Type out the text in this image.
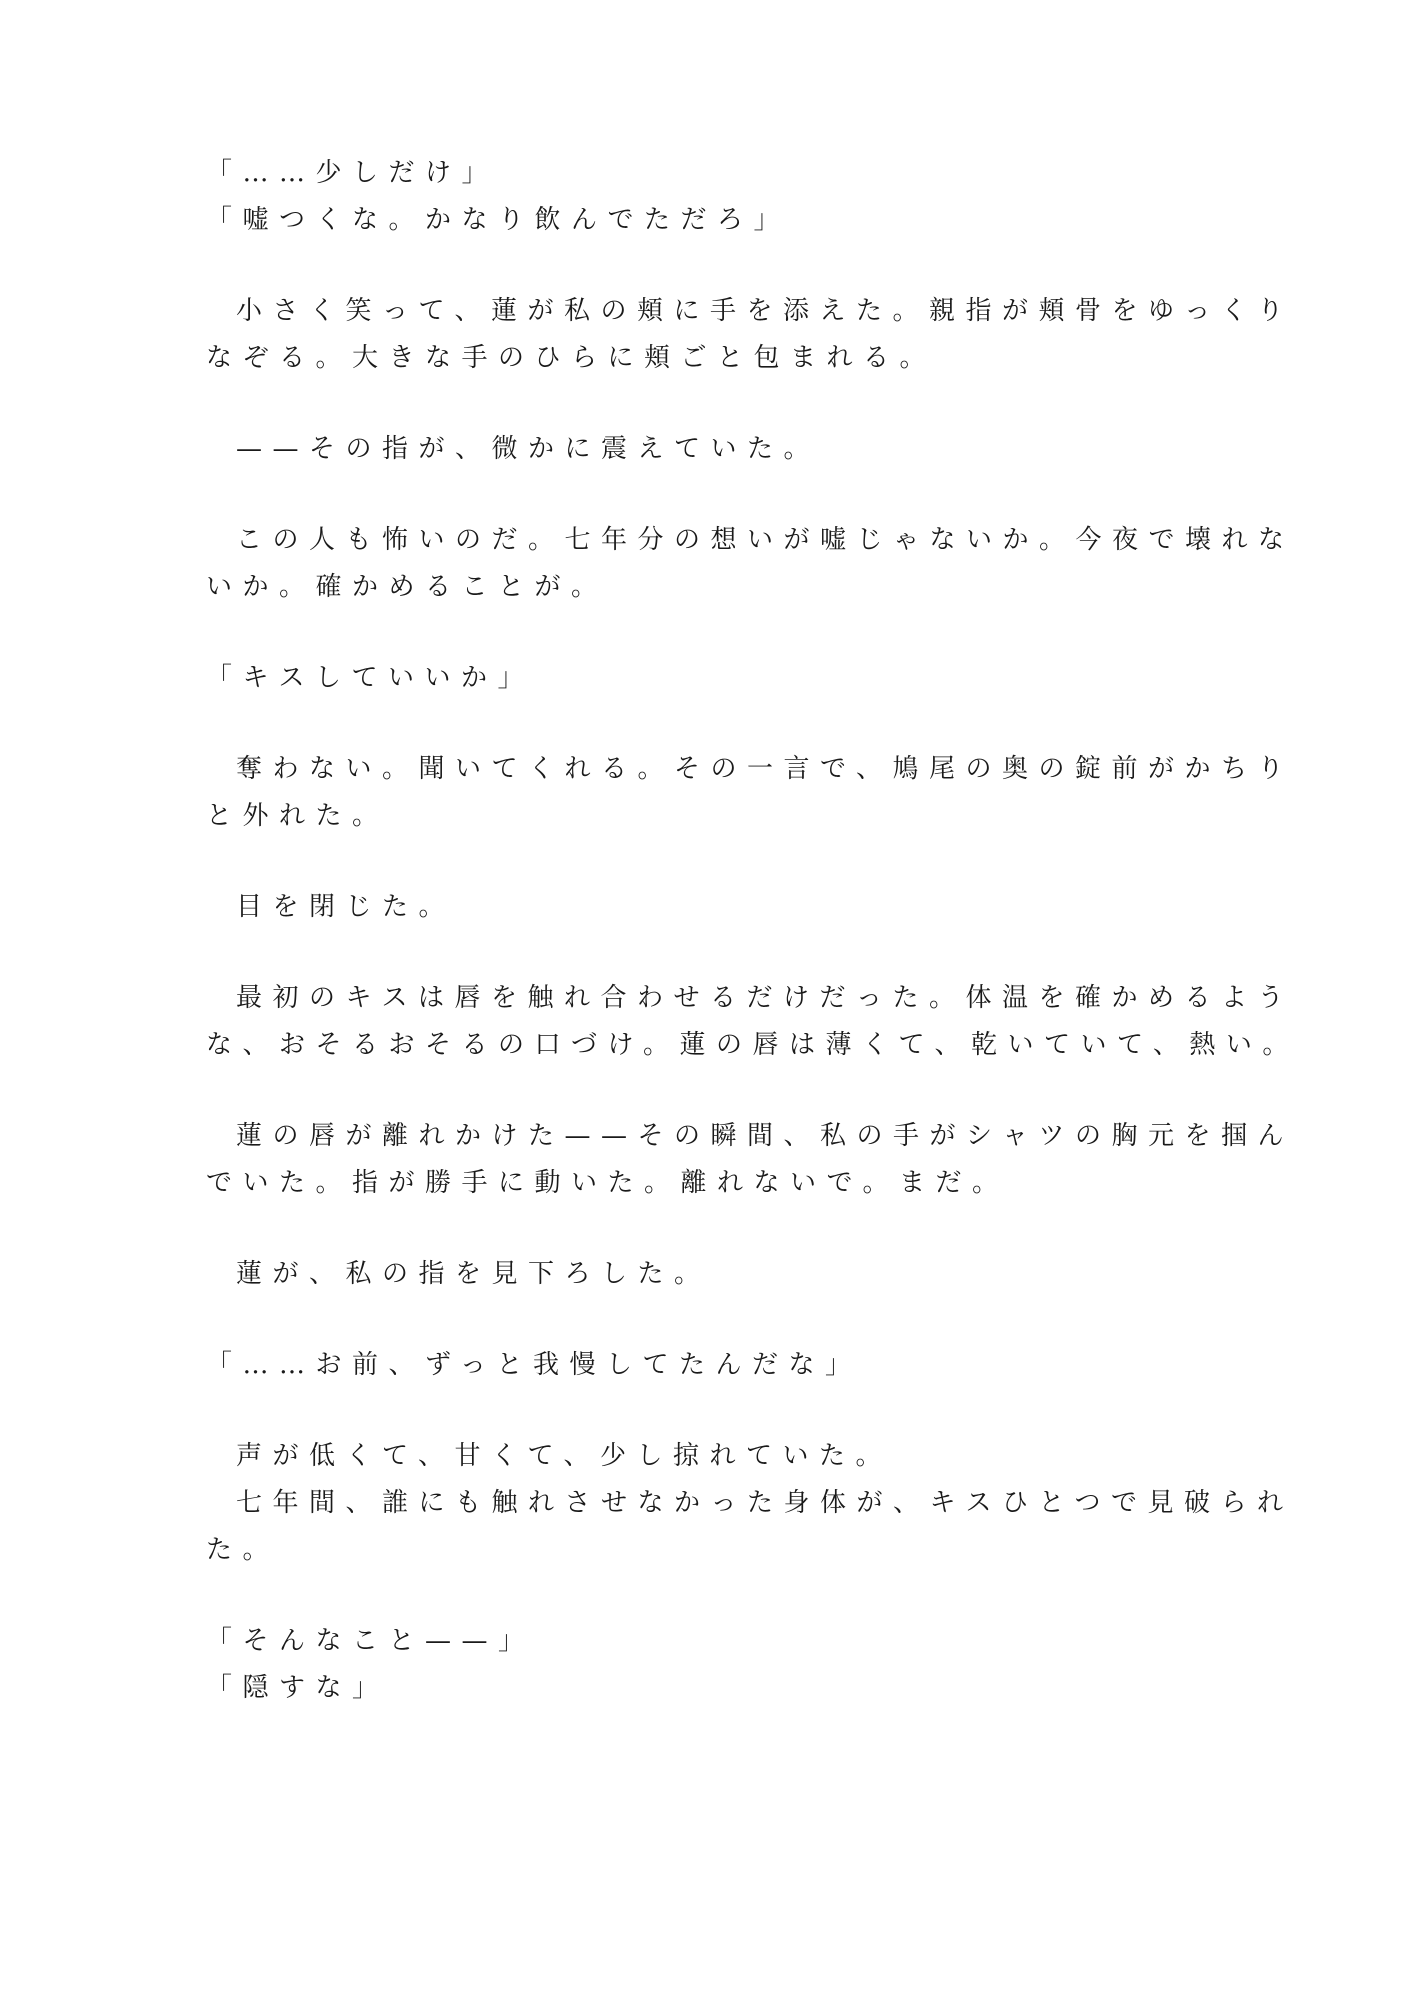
「……少しだけ」
「嘘つくな。かなり飲んでただろ」
小さく笑って、蓮が私の頬に手を添えた。親指が頬骨をゆっくり
なぞる。大きな手のひらに頬ごと包まれる。
——その指が、微かに震えていた。
この人も怖いのだ。七年分の想いが嘘じゃないか。今夜で壊れな
いか。確かめることが。
「キスしていいか」
奪わない。聞いてくれる。その一言で、鳩尾の奥の錠前がかちり
と外れた。
目を閉じた。
最初のキスは唇を触れ合わせるだけだった。体温を確かめるよう
な、おそるおそるの口づけ。蓮の唇は薄くて、乾いていて、熱い。
蓮の唇が離れかけた——その瞬間、私の手がシャツの胸元を掴ん
でいた。指が勝手に動いた。離れないで。まだ。
蓮が、私の指を見下ろした。
「……お前、ずっと我慢してたんだな」
声が低くて、甘くて、少し掠れていた。
七年間、誰にも触れさせなかった身体が、キスひとつで見破られ
た。
「そんなこと——」
「隠すな」
